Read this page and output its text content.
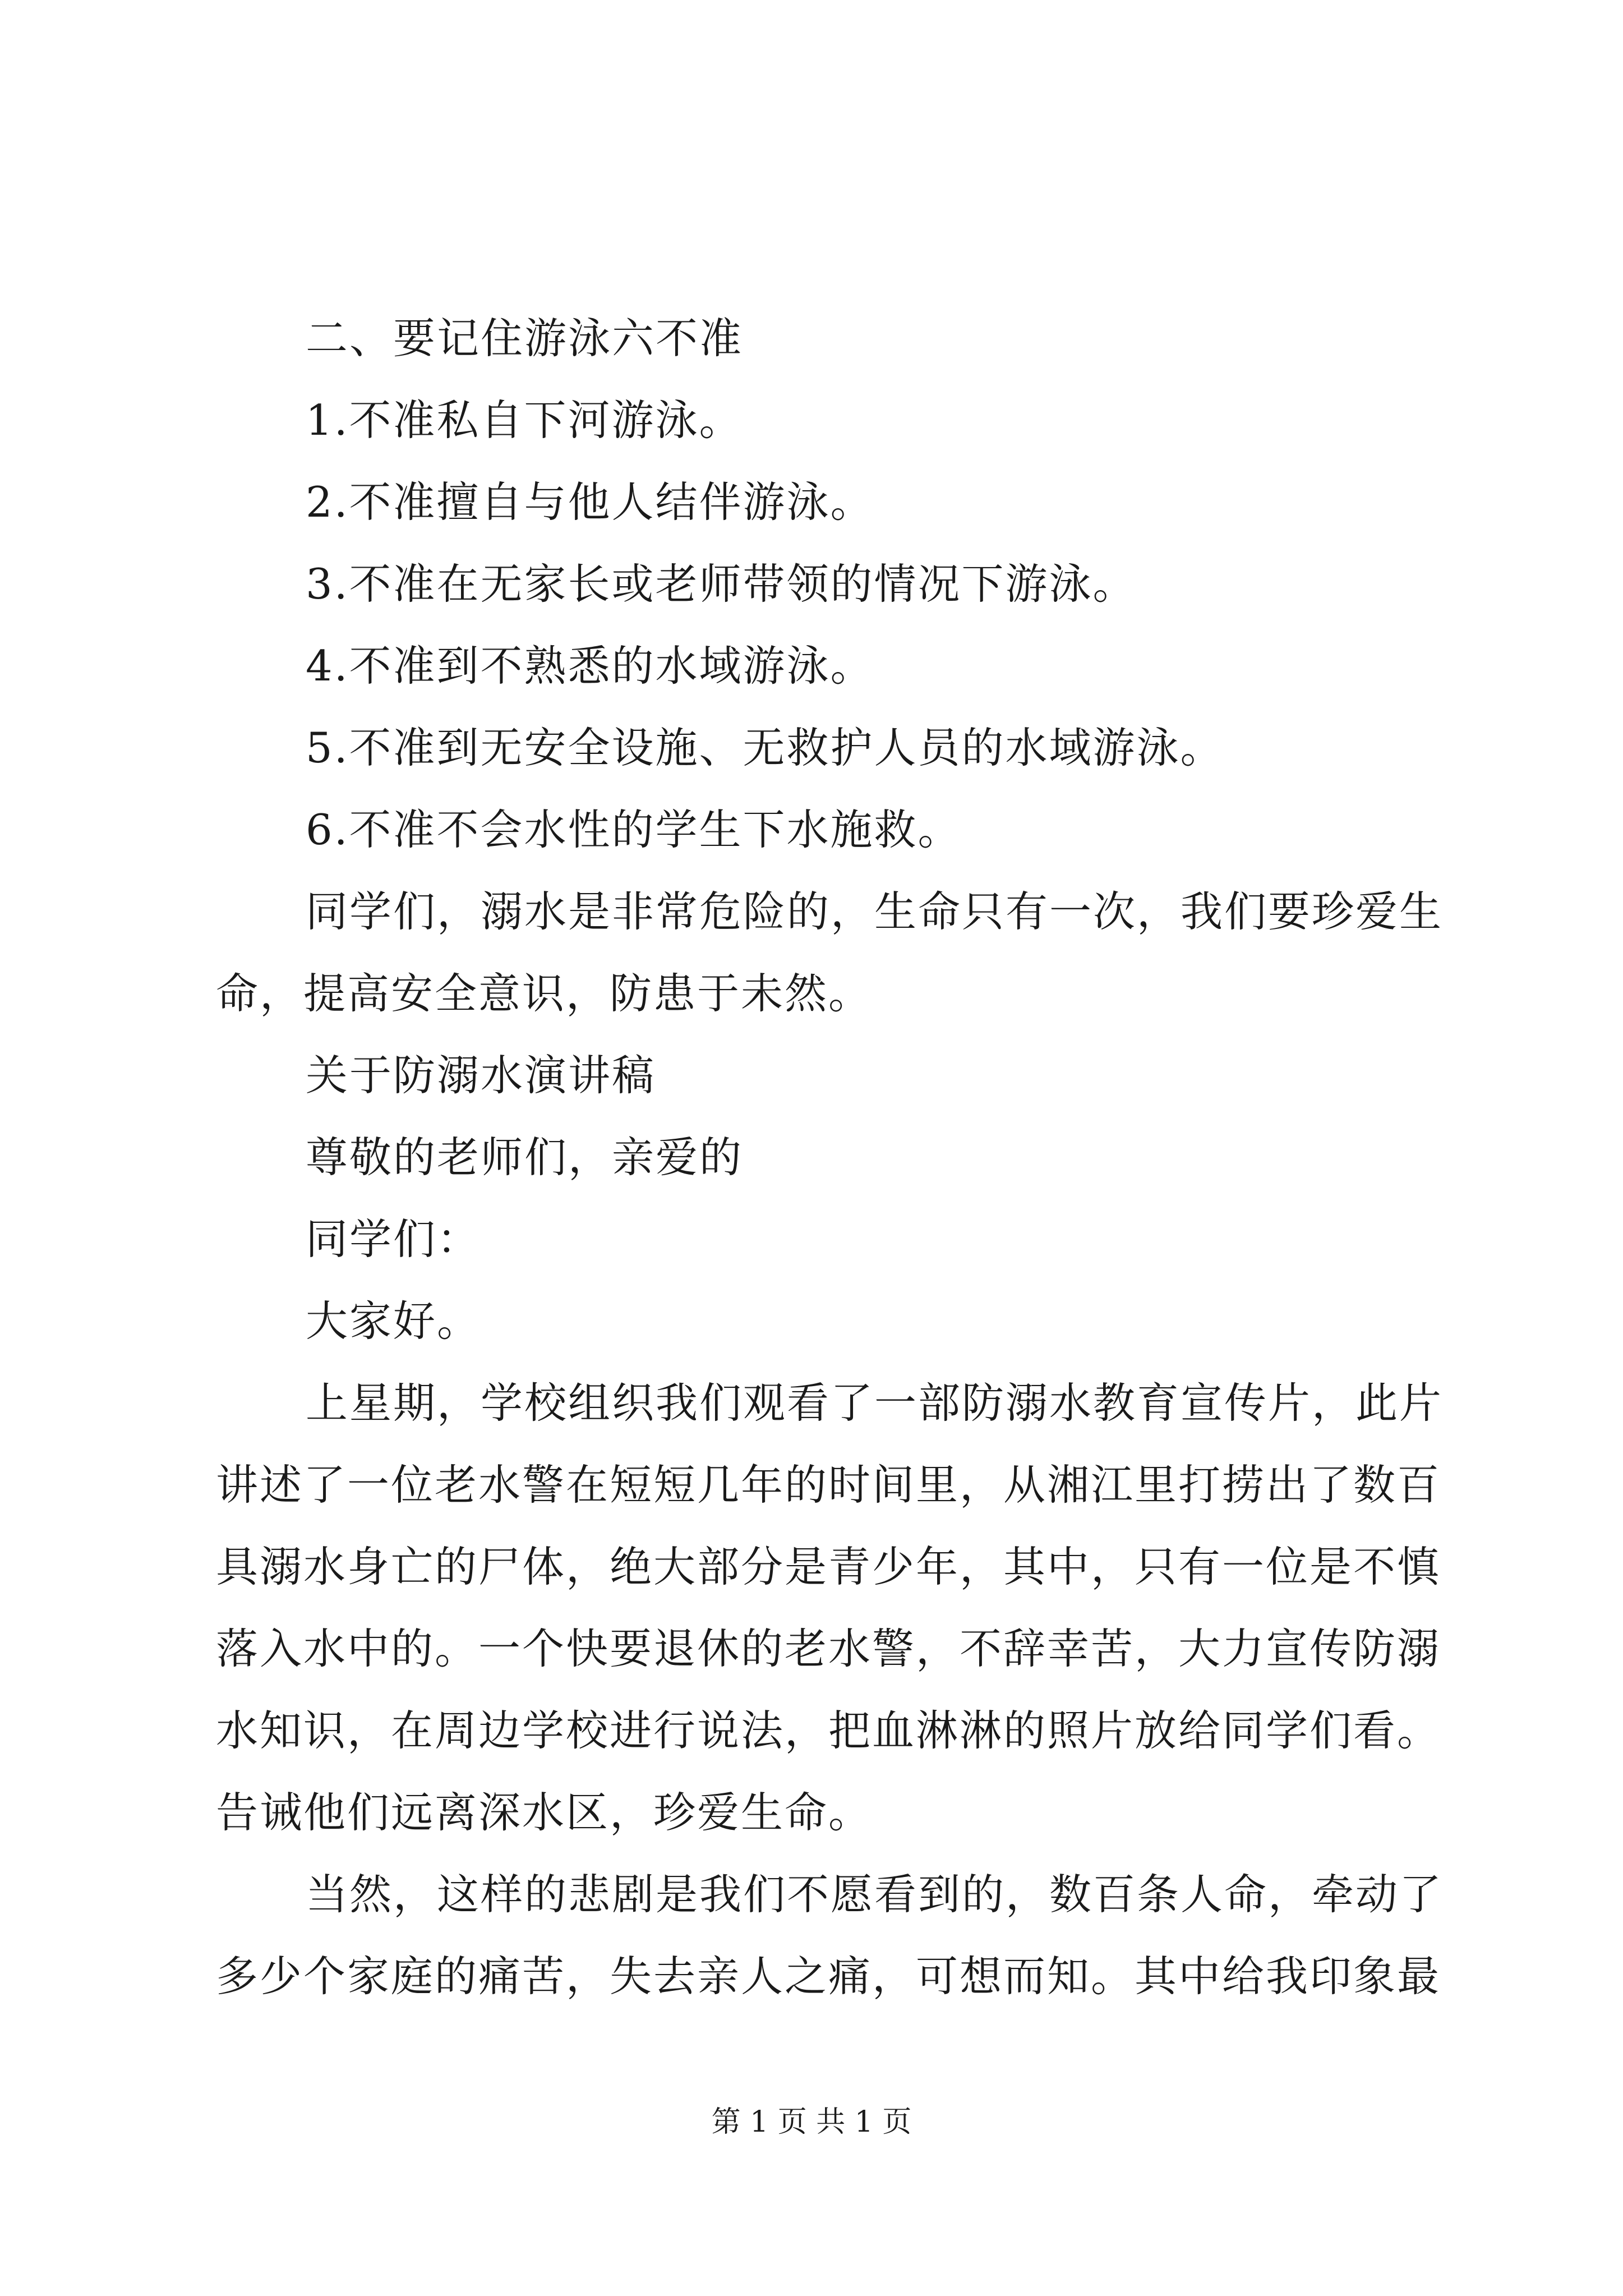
二、要记住游泳六不准
1.不准私自下河游泳。
2.不准擅自与他人结伴游泳。
3.不准在无家长或老师带领的情况下游泳。
4.不准到不熟悉的水域游泳。
5.不准到无安全设施、无救护人员的水域游泳。
6.不准不会水性的学生下水施救。
同学们，溺水是非常危险的，生命只有一次，我们要珍爱生
命，提高安全意识，防患于未然。
关于防溺水演讲稿
尊敬的老师们，亲爱的
同学们：
大家好。
上星期，学校组织我们观看了一部防溺水教育宣传片，此片
讲述了一位老水警在短短几年的时间里，从湘江里打捞出了数百
具溺水身亡的尸体，绝大部分是青少年，其中，只有一位是不慎
落入水中的。一个快要退休的老水警，不辞幸苦，大力宣传防溺
水知识，在周边学校进行说法，把血淋淋的照片放给同学们看。
告诫他们远离深水区，珍爱生命。
当然，这样的悲剧是我们不愿看到的，数百条人命，牵动了
多少个家庭的痛苦，失去亲人之痛，可想而知。其中给我印象最
第 1 页 共 1 页
